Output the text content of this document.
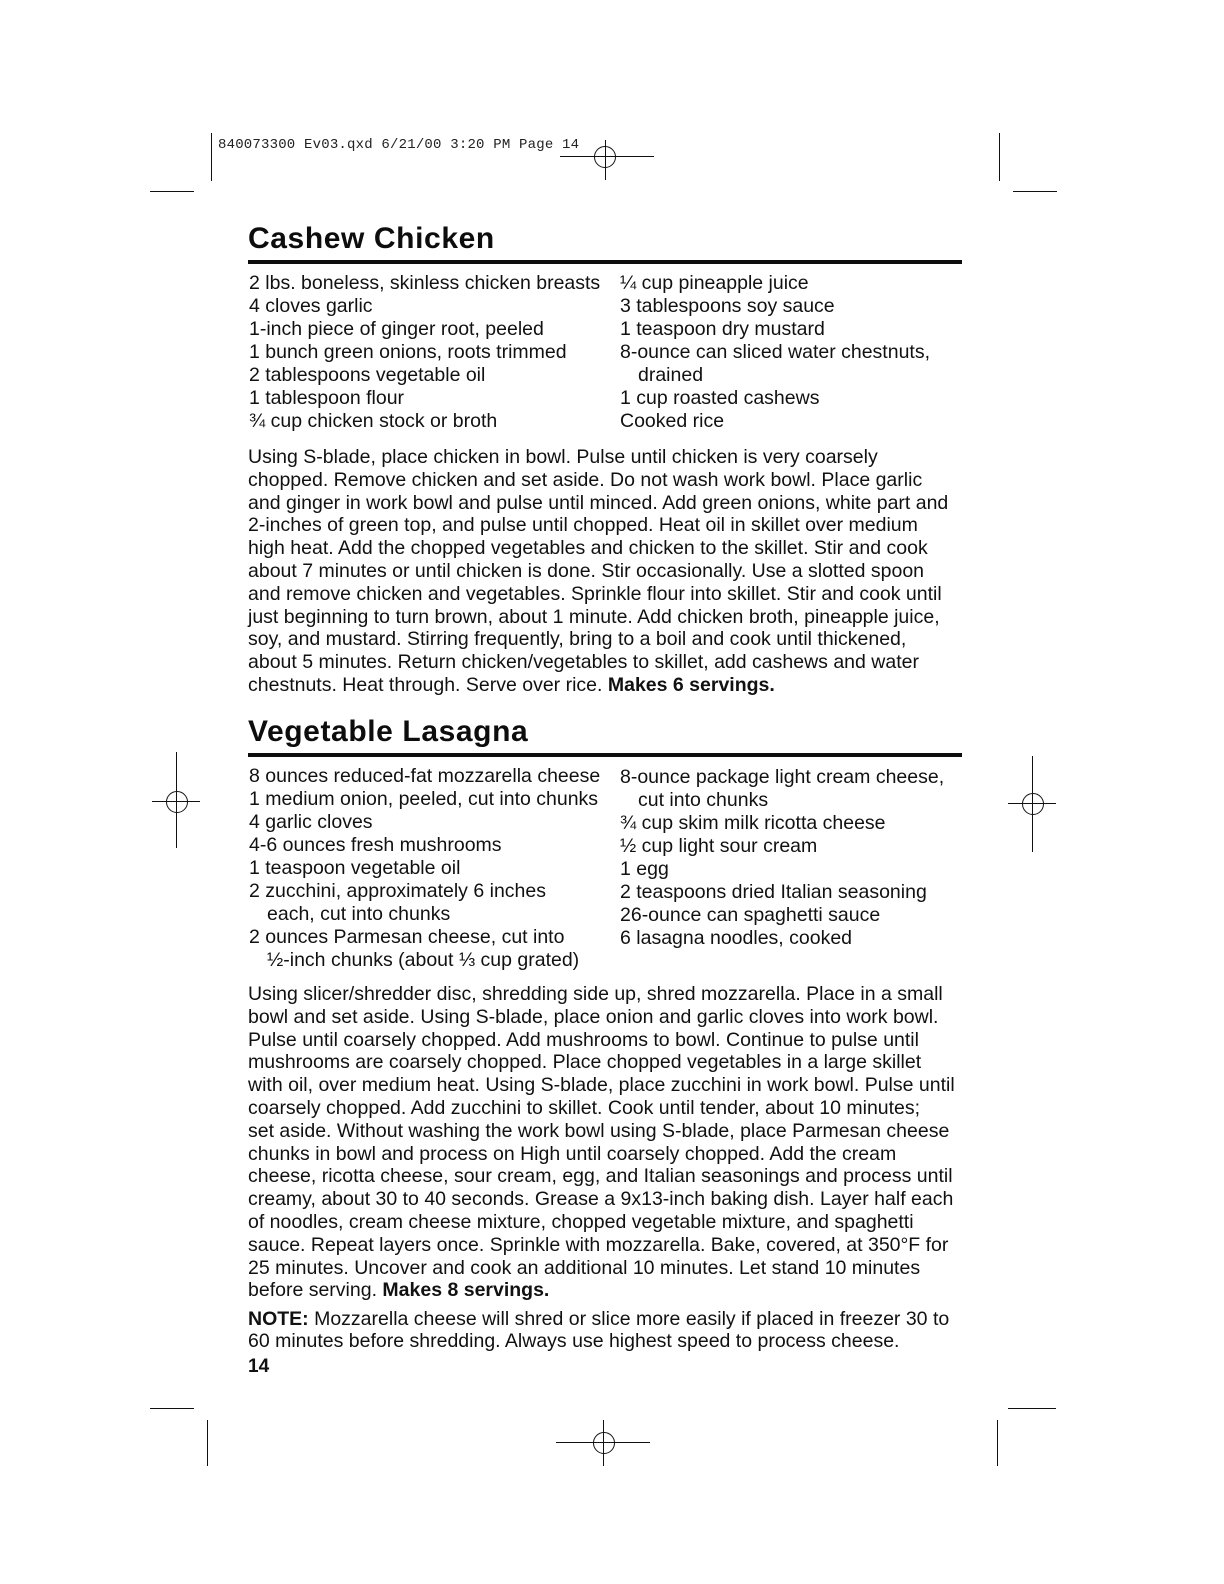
840073300 Ev03.qxd 6/21/00 3:20 PM Page 14
Cashew Chicken
2 lbs. boneless, skinless chicken breasts
4 cloves garlic
1-inch piece of ginger root, peeled
1 bunch green onions, roots trimmed
2 tablespoons vegetable oil
1 tablespoon flour
¾ cup chicken stock or broth
¼ cup pineapple juice
3 tablespoons soy sauce
1 teaspoon dry mustard
8-ounce can sliced water chestnuts,
drained
1 cup roasted cashews
Cooked rice

Using S-blade, place chicken in bowl. Pulse until chicken is very coarsely

chopped. Remove chicken and set aside. Do not wash work bowl. Place garlic

and ginger in work bowl and pulse until minced. Add green onions, white part and

2-inches of green top, and pulse until chopped. Heat oil in skillet over medium

high heat. Add the chopped vegetables and chicken to the skillet. Stir and cook

about 7 minutes or until chicken is done. Stir occasionally. Use a slotted spoon

and remove chicken and vegetables. Sprinkle flour into skillet. Stir and cook until

just beginning to turn brown, about 1 minute. Add chicken broth, pineapple juice,

soy, and mustard. Stirring frequently, bring to a boil and cook until thickened,

about 5 minutes. Return chicken/vegetables to skillet, add cashews and water

chestnuts. Heat through. Serve over rice. Makes 6 servings.

Vegetable Lasagna
8 ounces reduced-fat mozzarella cheese
1 medium onion, peeled, cut into chunks
4 garlic cloves
4-6 ounces fresh mushrooms
1 teaspoon vegetable oil
2 zucchini, approximately 6 inches
each, cut into chunks
2 ounces Parmesan cheese, cut into
½-inch chunks (about ⅓ cup grated)
8-ounce package light cream cheese,
cut into chunks
¾ cup skim milk ricotta cheese
½ cup light sour cream
1 egg
2 teaspoons dried Italian seasoning
26-ounce can spaghetti sauce
6 lasagna noodles, cooked

Using slicer/shredder disc, shredding side up, shred mozzarella. Place in a small

bowl and set aside. Using S-blade, place onion and garlic cloves into work bowl.

Pulse until coarsely chopped. Add mushrooms to bowl. Continue to pulse until

mushrooms are coarsely chopped. Place chopped vegetables in a large skillet

with oil, over medium heat. Using S-blade, place zucchini in work bowl. Pulse until

coarsely chopped. Add zucchini to skillet. Cook until tender, about 10 minutes;

set aside. Without washing the work bowl using S-blade, place Parmesan cheese

chunks in bowl and process on High until coarsely chopped. Add the cream

cheese, ricotta cheese, sour cream, egg, and Italian seasonings and process until

creamy, about 30 to 40 seconds. Grease a 9x13-inch baking dish. Layer half each

of noodles, cream cheese mixture, chopped vegetable mixture, and spaghetti

sauce. Repeat layers once. Sprinkle with mozzarella. Bake, covered, at 350°F for

25 minutes. Uncover and cook an additional 10 minutes. Let stand 10 minutes

before serving. Makes 8 servings.

NOTE: Mozzarella cheese will shred or slice more easily if placed in freezer 30 to

60 minutes before shredding. Always use highest speed to process cheese.

14
